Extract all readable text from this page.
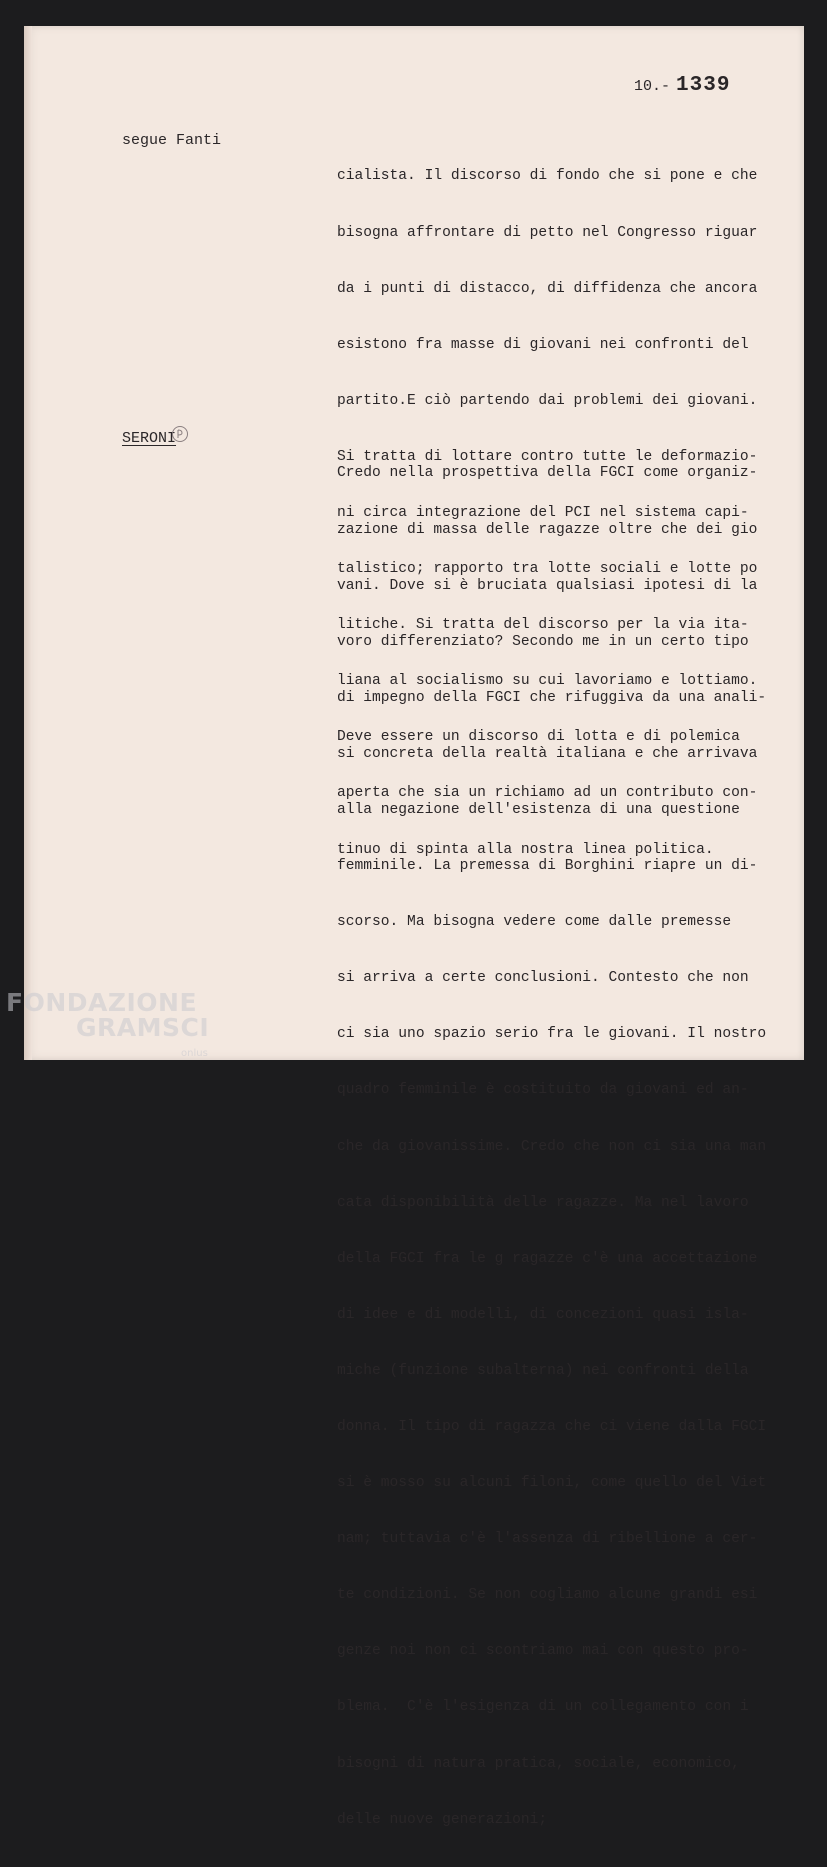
10.- 1339
segue Fanti

cialista. Il discorso di fondo che si pone e che

bisogna affrontare di petto nel Congresso riguar

da i punti di distacco, di diffidenza che ancora

esistono fra masse di giovani nei confronti del

partito.E ciò partendo dai problemi dei giovani.

Si tratta di lottare contro tutte le deformazio-

ni circa integrazione del PCI nel sistema capi-

talistico; rapporto tra lotte sociali e lotte po

litiche. Si tratta del discorso per la via ita-

liana al socialismo su cui lavoriamo e lottiamo.

Deve essere un discorso di lotta e di polemica

aperta che sia un richiamo ad un contributo con-

tinuo di spinta alla nostra linea politica.

SERONI

Credo nella prospettiva della FGCI come organiz-

zazione di massa delle ragazze oltre che dei gio

vani. Dove si è bruciata qualsiasi ipotesi di la

voro differenziato? Secondo me in un certo tipo

di impegno della FGCI che rifuggiva da una anali-

si concreta della realtà italiana e che arrivava

alla negazione dell'esistenza di una questione

femminile. La premessa di Borghini riapre un di-

scorso. Ma bisogna vedere come dalle premesse

si arriva a certe conclusioni. Contesto che non

ci sia uno spazio serio fra le giovani. Il nostro

quadro femminile è costituito da giovani ed an-

che da giovanissime. Credo che non ci sia una man

cata disponibilità delle ragazze. Ma nel lavoro

della FGCI fra le g ragazze c'è una accettazione

di idee e di modelli, di concezioni quasi isla-

miche (funzione subalterna) nei confronti della

donna. Il tipo di ragazza che ci viene dalla FGCI

si è mosso su alcuni filoni, come quello del Viet

nam; tuttavia c'è l'assenza di ribellione a cer-

te condizioni. Se non cogliamo alcune grandi esi

genze noi non ci scontriamo mai con questo pro-

blema.  C'è l'esigenza di un collegamento con i

bisogni di natura pratica, sociale, economico,

delle nuove generazioni;

FONDAZIONE
GRAMSCI
onlus
